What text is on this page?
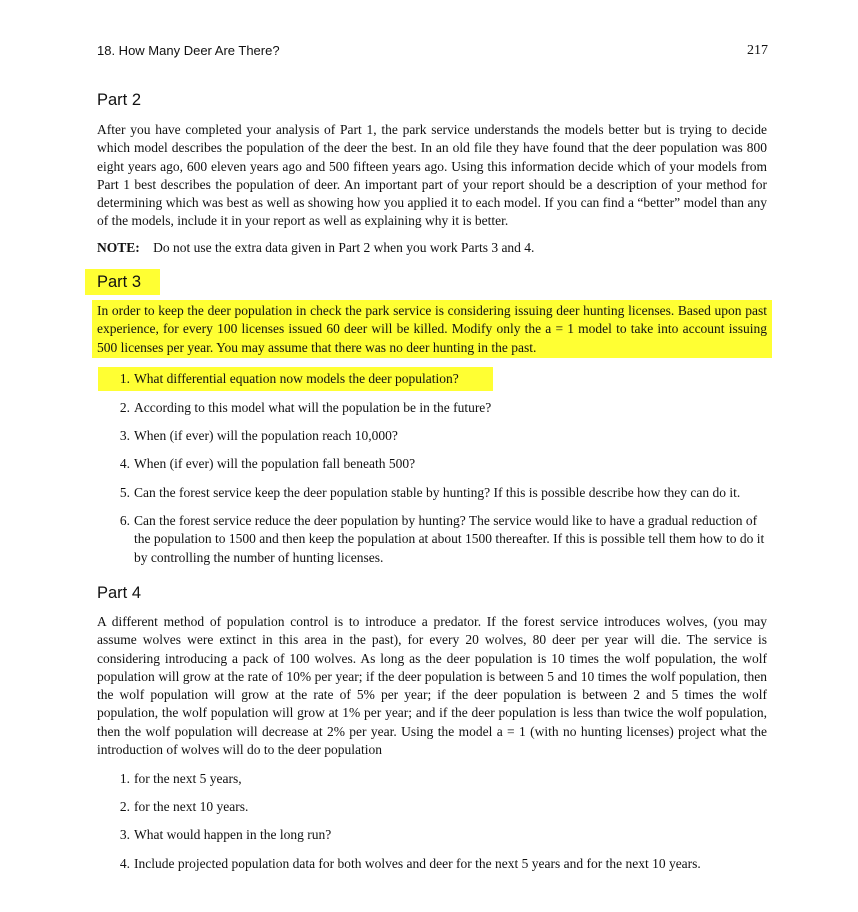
18. How Many Deer Are There?	217
Part 2
After you have completed your analysis of Part 1, the park service understands the models better but is trying to decide which model describes the population of the deer the best. In an old file they have found that the deer population was 800 eight years ago, 600 eleven years ago and 500 fifteen years ago. Using this information decide which of your models from Part 1 best describes the population of deer. An important part of your report should be a description of your method for determining which was best as well as showing how you applied it to each model. If you can find a “better” model than any of the models, include it in your report as well as explaining why it is better.
NOTE: Do not use the extra data given in Part 2 when you work Parts 3 and 4.
Part 3
In order to keep the deer population in check the park service is considering issuing deer hunting licenses. Based upon past experience, for every 100 licenses issued 60 deer will be killed. Modify only the a = 1 model to take into account issuing 500 licenses per year. You may assume that there was no deer hunting in the past.
1. What differential equation now models the deer population?
2. According to this model what will the population be in the future?
3. When (if ever) will the population reach 10,000?
4. When (if ever) will the population fall beneath 500?
5. Can the forest service keep the deer population stable by hunting? If this is possible describe how they can do it.
6. Can the forest service reduce the deer population by hunting? The service would like to have a gradual reduction of the population to 1500 and then keep the population at about 1500 thereafter. If this is possible tell them how to do it by controlling the number of hunting licenses.
Part 4
A different method of population control is to introduce a predator. If the forest service introduces wolves, (you may assume wolves were extinct in this area in the past), for every 20 wolves, 80 deer per year will die. The service is considering introducing a pack of 100 wolves. As long as the deer population is 10 times the wolf population, the wolf population will grow at the rate of 10% per year; if the deer population is between 5 and 10 times the wolf population, then the wolf population will grow at the rate of 5% per year; if the deer population is between 2 and 5 times the wolf population, the wolf population will grow at 1% per year; and if the deer population is less than twice the wolf population, then the wolf population will decrease at 2% per year. Using the model a = 1 (with no hunting licenses) project what the introduction of wolves will do to the deer population
1. for the next 5 years,
2. for the next 10 years.
3. What would happen in the long run?
4. Include projected population data for both wolves and deer for the next 5 years and for the next 10 years.
